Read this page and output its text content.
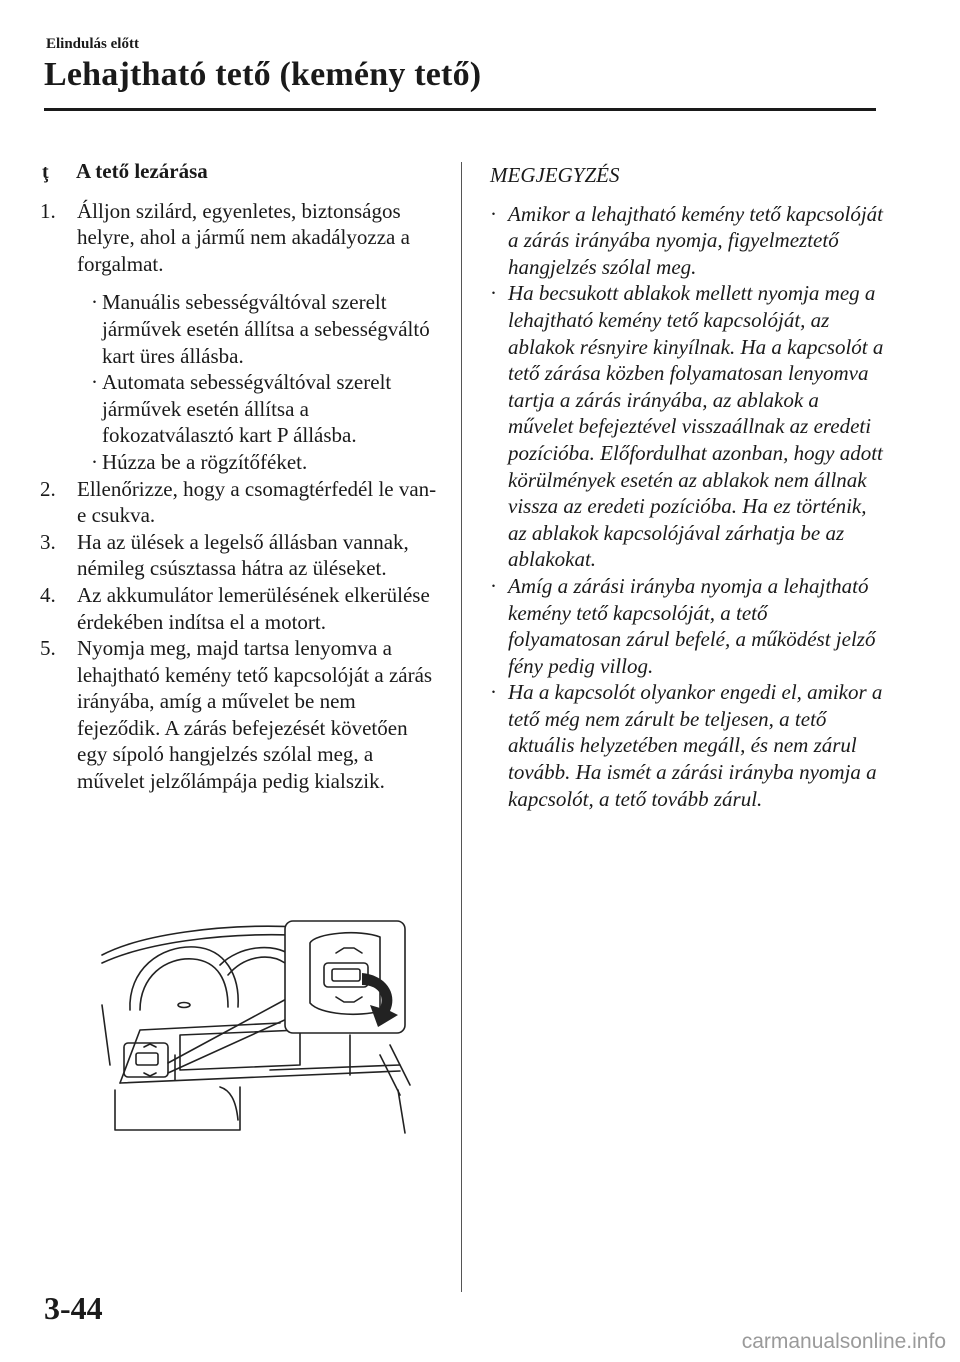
Elindulás előtt
Lehajtható tető (kemény tető)
ţ	A tető lezárása
1.	Álljon szilárd, egyenletes, biztonságos helyre, ahol a jármű nem akadályozza a forgalmat.
· Manuális sebességváltóval szerelt járművek esetén állítsa a sebességváltó kart üres állásba.
· Automata sebességváltóval szerelt járművek esetén állítsa a fokozatválasztó kart P állásba.
· Húzza be a rögzítőféket.
2.	Ellenőrizze, hogy a csomagtérfedél le van-e csukva.
3.	Ha az ülések a legelső állásban vannak, némileg csúsztassa hátra az üléseket.
4.	Az akkumulátor lemerülésének elkerülése érdekében indítsa el a motort.
5.	Nyomja meg, majd tartsa lenyomva a lehajtható kemény tető kapcsolóját a zárás irányába, amíg a művelet be nem fejeződik. A zárás befejezését követően egy sípoló hangjelzés szólal meg, a művelet jelzőlámpája pedig kialszik.
MEGJEGYZÉS
· Amikor a lehajtható kemény tető kapcsolóját a zárás irányába nyomja, figyelmeztető hangjelzés szólal meg.
· Ha becsukott ablakok mellett nyomja meg a lehajtható kemény tető kapcsolóját, az ablakok résnyire kinyílnak. Ha a kapcsolót a tető zárása közben folyamatosan lenyomva tartja a zárás irányába, az ablakok a művelet befejeztével visszaállnak az eredeti pozícióba. Előfordulhat azonban, hogy adott körülmények esetén az ablakok nem állnak vissza az eredeti pozícióba. Ha ez történik, az ablakok kapcsolójával zárhatja be az ablakokat.
· Amíg a zárási irányba nyomja a lehajtható kemény tető kapcsolóját, a tető folyamatosan zárul befelé, a működést jelző fény pedig villog.
· Ha a kapcsolót olyankor engedi el, amikor a tető még nem zárult be teljesen, a tető aktuális helyzetében megáll, és nem zárul tovább. Ha ismét a zárási irányba nyomja a kapcsolót, a tető tovább zárul.
3-44
carmanualsonline.info
